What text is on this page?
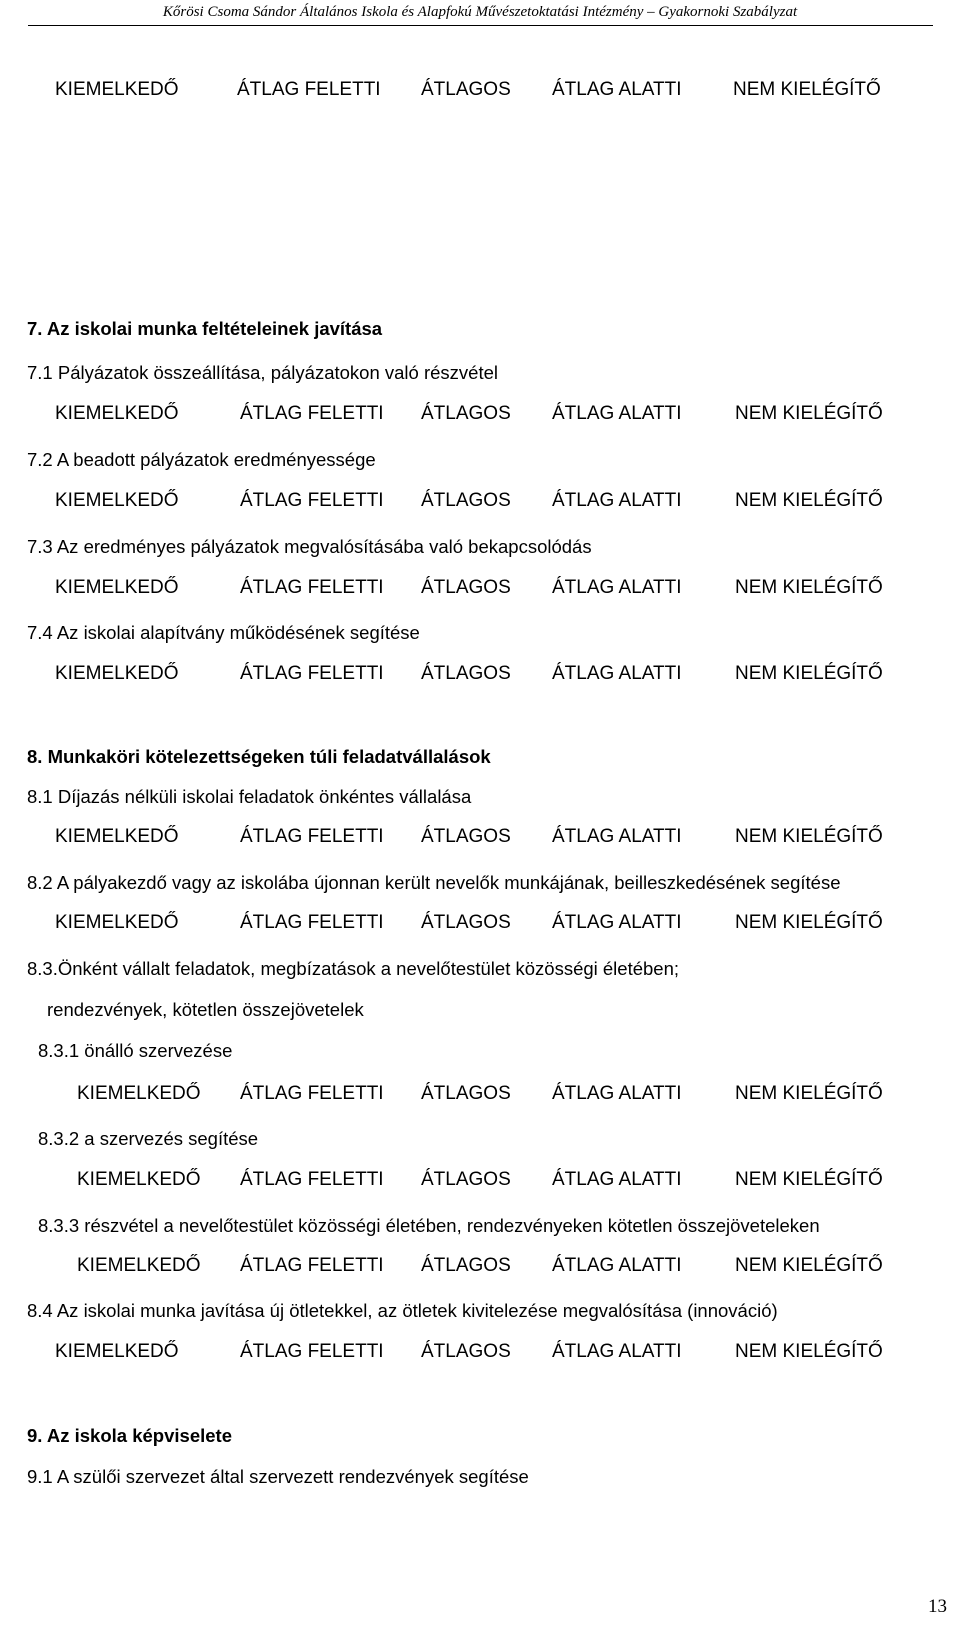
Kőrösi Csoma Sándor Általános Iskola és Alapfokú Művészetoktatási Intézmény – Gyakornoki Szabályzat
KIEMELKEDŐ	ÁTLAG FELETTI ÁTLAGOS ÁTLAG ALATTI	NEM KIELÉGÍTŐ
7. Az iskolai munka feltételeinek javítása
7.1 Pályázatok összeállítása, pályázatokon való részvétel
KIEMELKEDŐ	ÁTLAG FELETTI ÁTLAGOS ÁTLAG ALATTI	NEM KIELÉGÍTŐ
7.2 A beadott pályázatok eredményessége
KIEMELKEDŐ	ÁTLAG FELETTI ÁTLAGOS ÁTLAG ALATTI	NEM KIELÉGÍTŐ
7.3 Az eredményes pályázatok megvalósításába való bekapcsolódás
KIEMELKEDŐ	ÁTLAG FELETTI ÁTLAGOS ÁTLAG ALATTI	NEM KIELÉGÍTŐ
7.4 Az iskolai alapítvány működésének segítése
KIEMELKEDŐ	ÁTLAG FELETTI ÁTLAGOS ÁTLAG ALATTI	NEM KIELÉGÍTŐ
8. Munkaköri kötelezettségeken túli feladatvállalások
8.1 Díjazás nélküli iskolai feladatok önkéntes vállalása
KIEMELKEDŐ	ÁTLAG FELETTI ÁTLAGOS ÁTLAG ALATTI	NEM KIELÉGÍTŐ
8.2 A pályakezdő vagy az iskolába újonnan került nevelők munkájának, beilleszkedésének segítése
KIEMELKEDŐ	ÁTLAG FELETTI ÁTLAGOS ÁTLAG ALATTI	NEM KIELÉGÍTŐ
8.3.Önként vállalt feladatok, megbízatások a nevelőtestület közösségi életében;
rendezvények, kötetlen összejövetelek
8.3.1 önálló szervezése
KIEMELKEDŐ ÁTLAG FELETTI ÁTLAGOS ÁTLAG ALATTI	NEM KIELÉGÍTŐ
8.3.2 a szervezés segítése
KIEMELKEDŐ ÁTLAG FELETTI ÁTLAGOS ÁTLAG ALATTI	NEM KIELÉGÍTŐ
8.3.3 részvétel a nevelőtestület közösségi életében, rendezvényeken kötetlen összejöveteleken
KIEMELKEDŐ ÁTLAG FELETTI ÁTLAGOS ÁTLAG ALATTI	NEM KIELÉGÍTŐ
8.4 Az iskolai munka javítása új ötletekkel, az ötletek kivitelezése megvalósítása (innováció)
KIEMELKEDŐ	ÁTLAG FELETTI ÁTLAGOS ÁTLAG ALATTI	NEM KIELÉGÍTŐ
9. Az iskola képviselete
9.1 A szülői szervezet által szervezett rendezvények segítése
13
